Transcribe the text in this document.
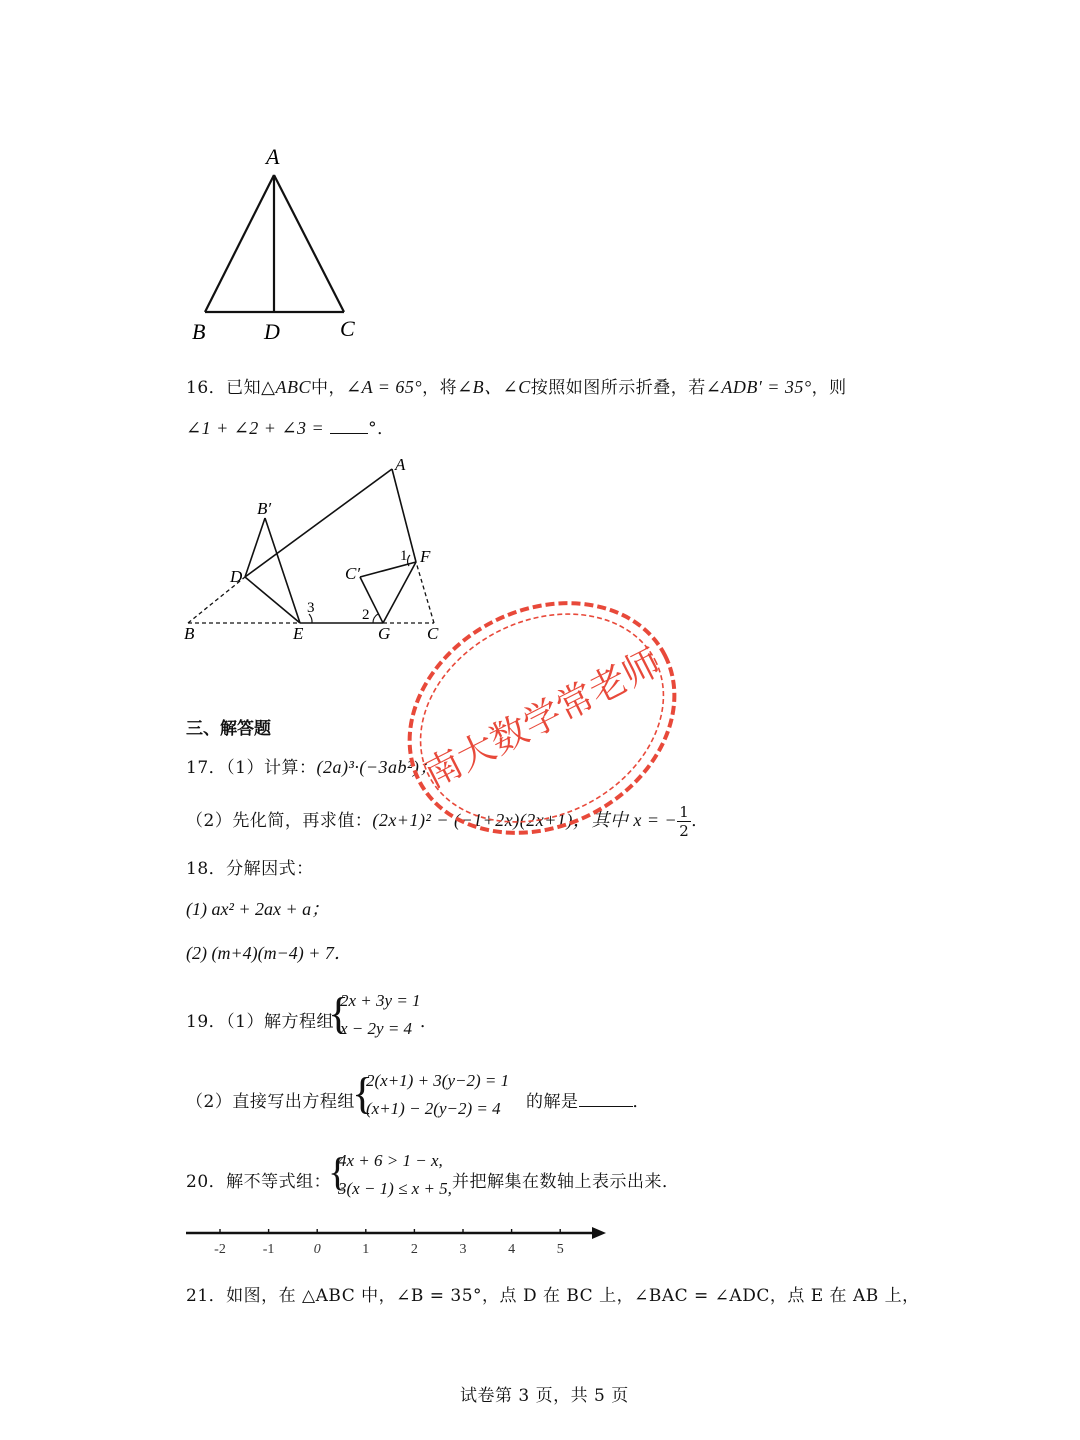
A
B	D	C
16．已知△ABC中，∠A = 65°，将∠B、∠C按照如图所示折叠，若∠ADB′ = 35°，则
∠1 + ∠2 + ∠3 =	°．
A
B′
D
B	E
3
C′
1 F
2
G C
三、解答题
17．（1）计算：(2a)³·(−3ab²)；
（2）先化简，再求值：(2x+1)² − (−1+2x)(2x+1)，其中 x = − $\frac{1}{2}$ ．
18．分解因式：
(1) ax² + 2ax + a；
(2) (m+4)(m−4) + 7．
19．（1）解方程组
{
2x + 3y = 1
x − 2y = 4 ．
（2）直接写出方程组
{
2(x+1) + 3(y−2) = 1
(x+1) − 2(y−2) = 4 的解是	．
20．解不等式组：
{
4x + 6 > 1 − x,
3(x − 1) ≤ x + 5, 并把解集在数轴上表示出来．
-2	-1	0	1	2	3	4	5
21．如图，在 △ABC 中，∠B = 35°，点 D 在 BC 上，∠BAC = ∠ADC，点 E 在 AB 上，
南大数学常老师
试卷第 3 页，共 5 页
